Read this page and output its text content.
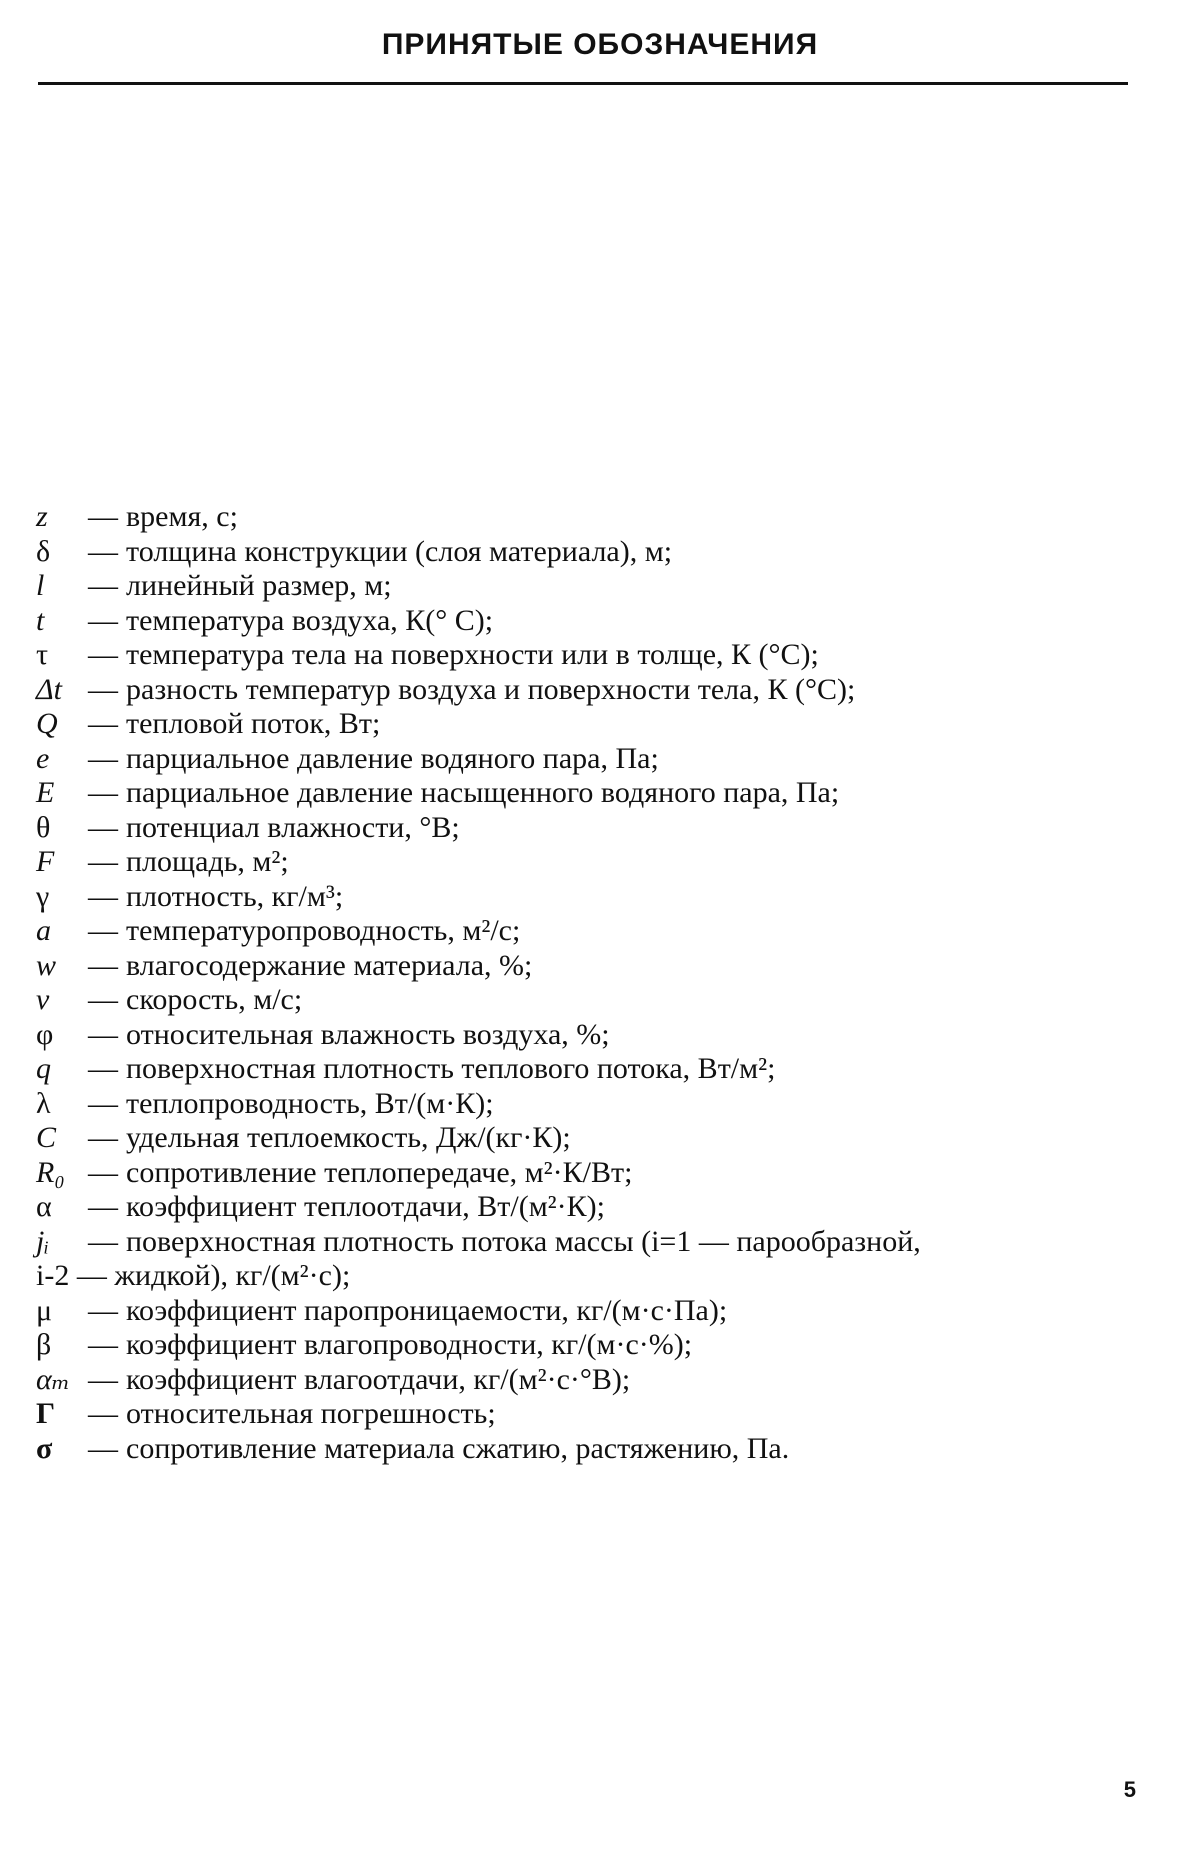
ПРИНЯТЫЕ ОБОЗНАЧЕНИЯ
z	— время, с;
δ	— толщина конструкции (слоя материала), м;
l	— линейный размер, м;
t	— температура воздуха, К(° С);
τ	— температура тела на поверхности или в толще, К (°С);
Δt — разность температур воздуха и поверхности тела, К (°С);
Q	— тепловой поток, Вт;
e	— парциальное давление водяного пара, Па;
E	— парциальное давление насыщенного водяного пара, Па;
θ	— потенциал влажности, °В;
F	— площадь, м²;
γ	— плотность, кг/м³;
a	— температуропроводность, м²/с;
w	— влагосодержание материала, %;
v	— скорость, м/с;
φ	— относительная влажность воздуха, %;
q	— поверхностная плотность теплового потока, Вт/м²;
λ	— теплопроводность, Вт/(м·К);
C	— удельная теплоемкость, Дж/(кг·К);
R₀ — сопротивление теплопередаче, м²·К/Вт;
α	— коэффициент теплоотдачи, Вт/(м²·К);
jᵢ	— поверхностная плотность потока массы (i=1 — парообразной,
i-2 — жидкой), кг/(м²·с);
μ	— коэффициент паропроницаемости, кг/(м·с·Па);
β	— коэффициент влагопроводности, кг/(м·с·%);
αₘ — коэффициент влагоотдачи, кг/(м²·с·°В);
Г	— относительная погрешность;
σ	— сопротивление материала сжатию, растяжению, Па.
5
